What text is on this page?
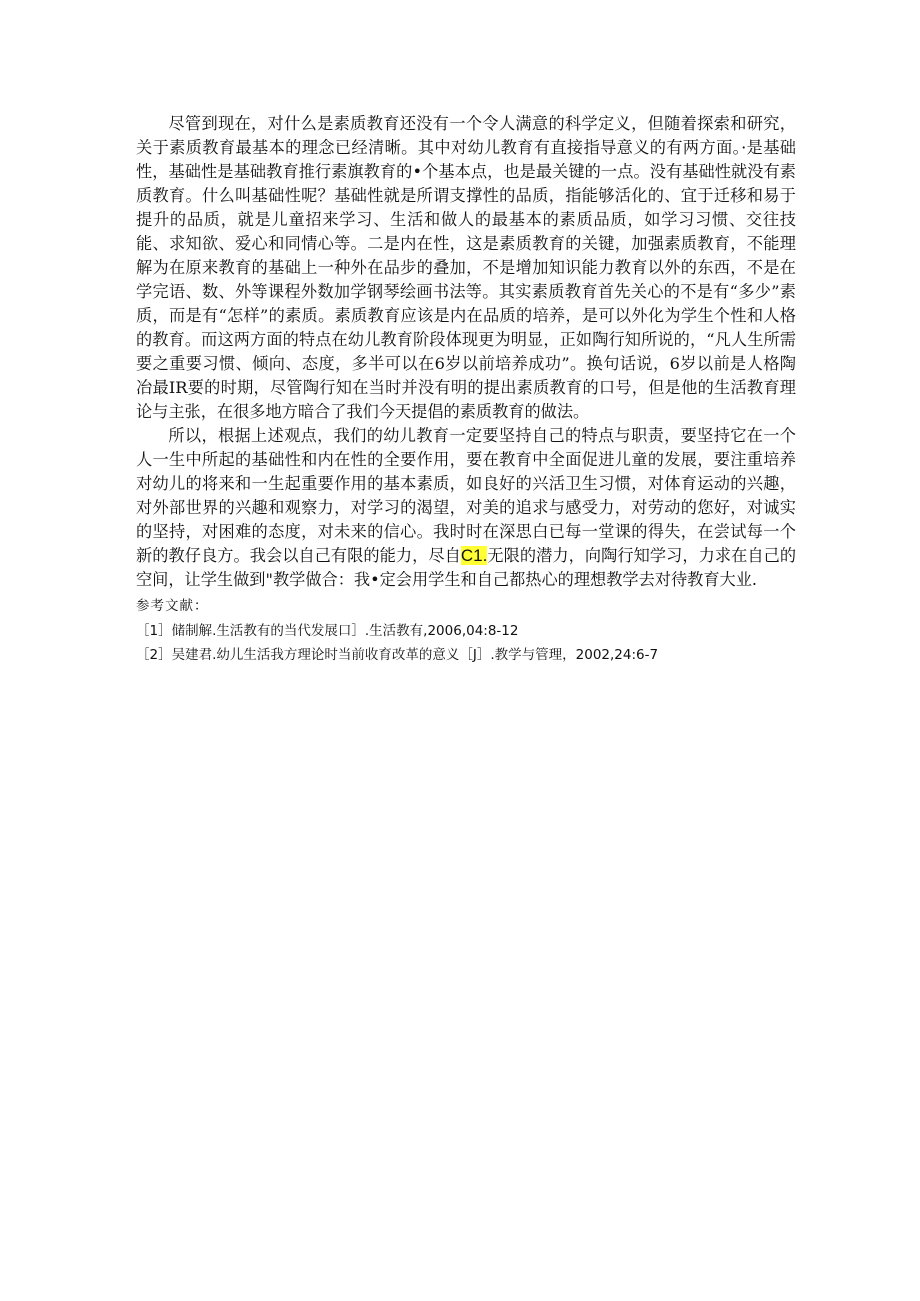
尽管到现在，对什么是素质教育还没有一个令人满意的科学定义，但随着探索和研究，关于素质教育最基本的理念已经清晰。其中对幼儿教育有直接指导意义的有两方面。·是基础性，基础性是基础教育推行素旗教育的•个基本点，也是最关键的一点。没有基础性就没有素质教育。什么叫基础性呢？基础性就是所谓支撑性的品质，指能够活化的、宜于迁移和易于提升的品质，就是儿童招来学习、生活和做人的最基本的素质品质，如学习习惯、交往技能、求知欲、爱心和同情心等。二是内在性，这是素质教育的关键，加强素质教育，不能理解为在原来教育的基础上一种外在品步的叠加，不是增加知识能力教育以外的东西，不是在学完语、数、外等课程外数加学钢琴绘画书法等。其实素质教育首先关心的不是有“多少”素质，而是有“怎样”的素质。素质教育应该是内在品质的培养，是可以外化为学生个性和人格的教育。而这两方面的特点在幼儿教育阶段体现更为明显，正如陶行知所说的，“凡人生所需要之重要习惯、倾向、态度，多半可以在6岁以前培养成功”。换句话说，6岁以前是人格陶冶最IR要的时期，尽管陶行知在当时并没有明的提出素质教育的口号，但是他的生活教育理论与主张，在很多地方暗合了我们今天提倡的素质教育的做法。

所以，根据上述观点，我们的幼儿教育一定要坚持自己的特点与职责，要坚持它在一个人一生中所起的基础性和内在性的全要作用，要在教育中全面促进儿童的发展，要注重培养对幼儿的将来和一生起重要作用的基本素质，如良好的兴活卫生习惯，对体育运动的兴趣，对外部世界的兴趣和观察力，对学习的渴望，对美的追求与感受力，对劳动的您好，对诚实的坚持，对困难的态度，对未来的信心。我时时在深思白已每一堂课的得失，在尝试每一个新的教仔良方。我会以自己有限的能力，尽自C1.无限的潜力，向陶行知学习，力求在自己的空间，让学生做到"教学做合：我•定会用学生和自己都热心的理想教学去对待教育大业.

参考文献：

［1］储制解.生活教有的当代发展口］.生活教有,2006,04:8-12

［2］吴建君.幼儿生活我方理论时当前收育改革的意义［J］.教学与管理，2002,24:6-7
